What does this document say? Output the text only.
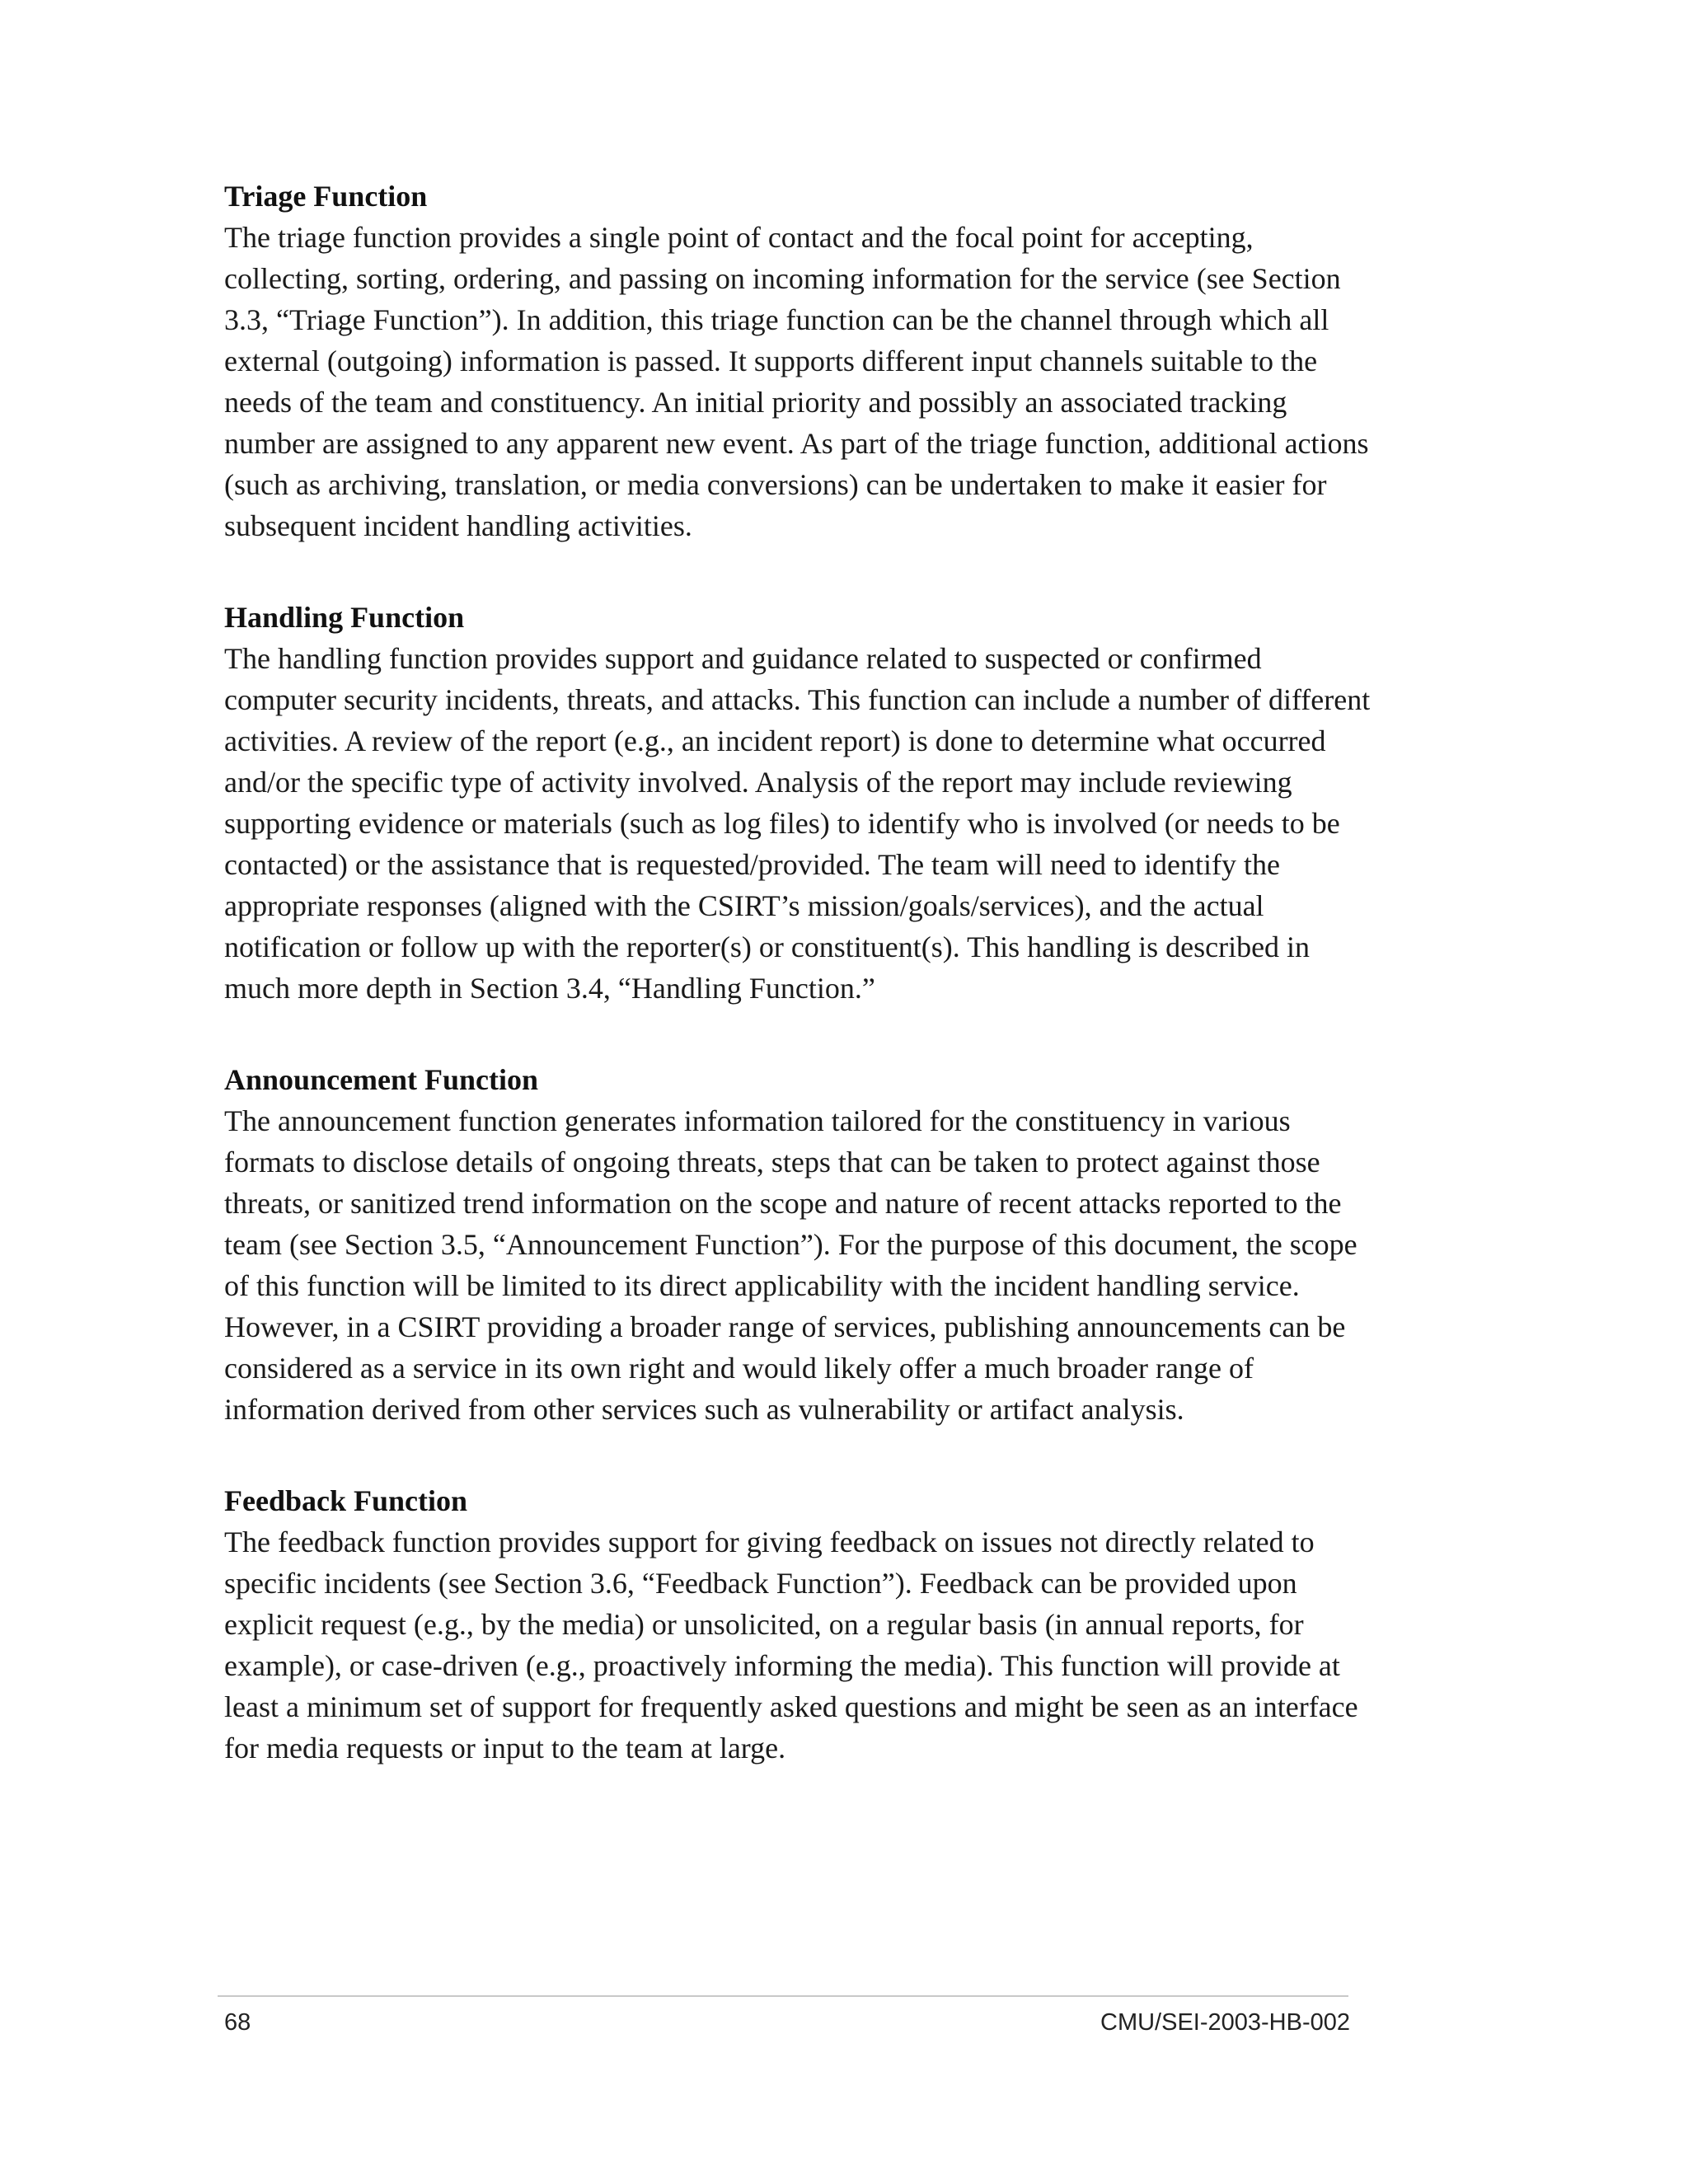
Triage Function

The triage function provides a single point of contact and the focal point for accepting, collecting, sorting, ordering, and passing on incoming information for the service (see Section 3.3, “Triage Function”). In addition, this triage function can be the channel through which all external (outgoing) information is passed. It supports different input channels suitable to the needs of the team and constituency. An initial priority and possibly an associated tracking number are assigned to any apparent new event. As part of the triage function, additional actions (such as archiving, translation, or media conversions) can be undertaken to make it easier for subsequent incident handling activities.

Handling Function

The handling function provides support and guidance related to suspected or confirmed computer security incidents, threats, and attacks. This function can include a number of different activities. A review of the report (e.g., an incident report) is done to determine what occurred and/or the specific type of activity involved. Analysis of the report may include reviewing supporting evidence or materials (such as log files) to identify who is involved (or needs to be contacted) or the assistance that is requested/provided. The team will need to identify the appropriate responses (aligned with the CSIRT’s mission/goals/services), and the actual notification or follow up with the reporter(s) or constituent(s). This handling is described in much more depth in Section 3.4, “Handling Function.”

Announcement Function

The announcement function generates information tailored for the constituency in various formats to disclose details of ongoing threats, steps that can be taken to protect against those threats, or sanitized trend information on the scope and nature of recent attacks reported to the team (see Section 3.5, “Announcement Function”). For the purpose of this document, the scope of this function will be limited to its direct applicability with the incident handling service. However, in a CSIRT providing a broader range of services, publishing announcements can be considered as a service in its own right and would likely offer a much broader range of information derived from other services such as vulnerability or artifact analysis.

Feedback Function

The feedback function provides support for giving feedback on issues not directly related to specific incidents (see Section 3.6, “Feedback Function”). Feedback can be provided upon explicit request (e.g., by the media) or unsolicited, on a regular basis (in annual reports, for example), or case-driven (e.g., proactively informing the media). This function will provide at least a minimum set of support for frequently asked questions and might be seen as an interface for media requests or input to the team at large.

68	CMU/SEI-2003-HB-002
